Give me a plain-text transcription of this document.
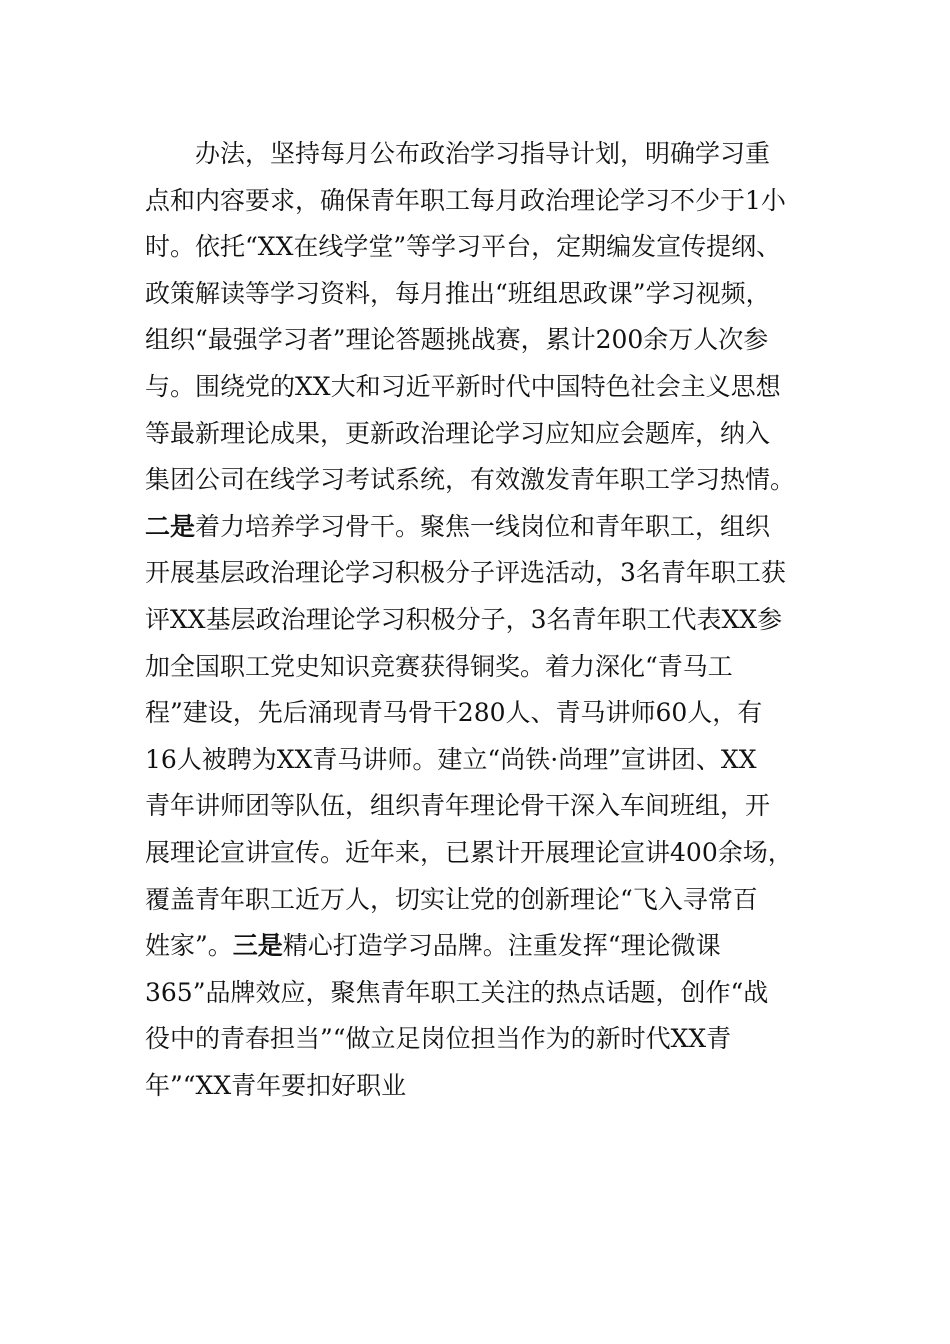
　　办法，坚持每月公布政治学习指导计划，明确学习重
点和内容要求，确保青年职工每月政治理论学习不少于1小
时。依托“XX在线学堂”等学习平台，定期编发宣传提纲、
政策解读等学习资料，每月推出“班组思政课”学习视频，
组织“最强学习者”理论答题挑战赛，累计200余万人次参
与。围绕党的XX大和习近平新时代中国特色社会主义思想
等最新理论成果，更新政治理论学习应知应会题库，纳入
集团公司在线学习考试系统，有效激发青年职工学习热情。
二是着力培养学习骨干。聚焦一线岗位和青年职工，组织
开展基层政治理论学习积极分子评选活动，3名青年职工获
评XX基层政治理论学习积极分子，3名青年职工代表XX参
加全国职工党史知识竞赛获得铜奖。着力深化“青马工
程”建设，先后涌现青马骨干280人、青马讲师60人，有
16人被聘为XX青马讲师。建立“尚铁·尚理”宣讲团、XX
青年讲师团等队伍，组织青年理论骨干深入车间班组，开
展理论宣讲宣传。近年来，已累计开展理论宣讲400余场，
覆盖青年职工近万人，切实让党的创新理论“飞入寻常百
姓家”。三是精心打造学习品牌。注重发挥“理论微课
365”品牌效应，聚焦青年职工关注的热点话题，创作“战
役中的青春担当”“做立足岗位担当作为的新时代XX青
年”“XX青年要扣好职业
